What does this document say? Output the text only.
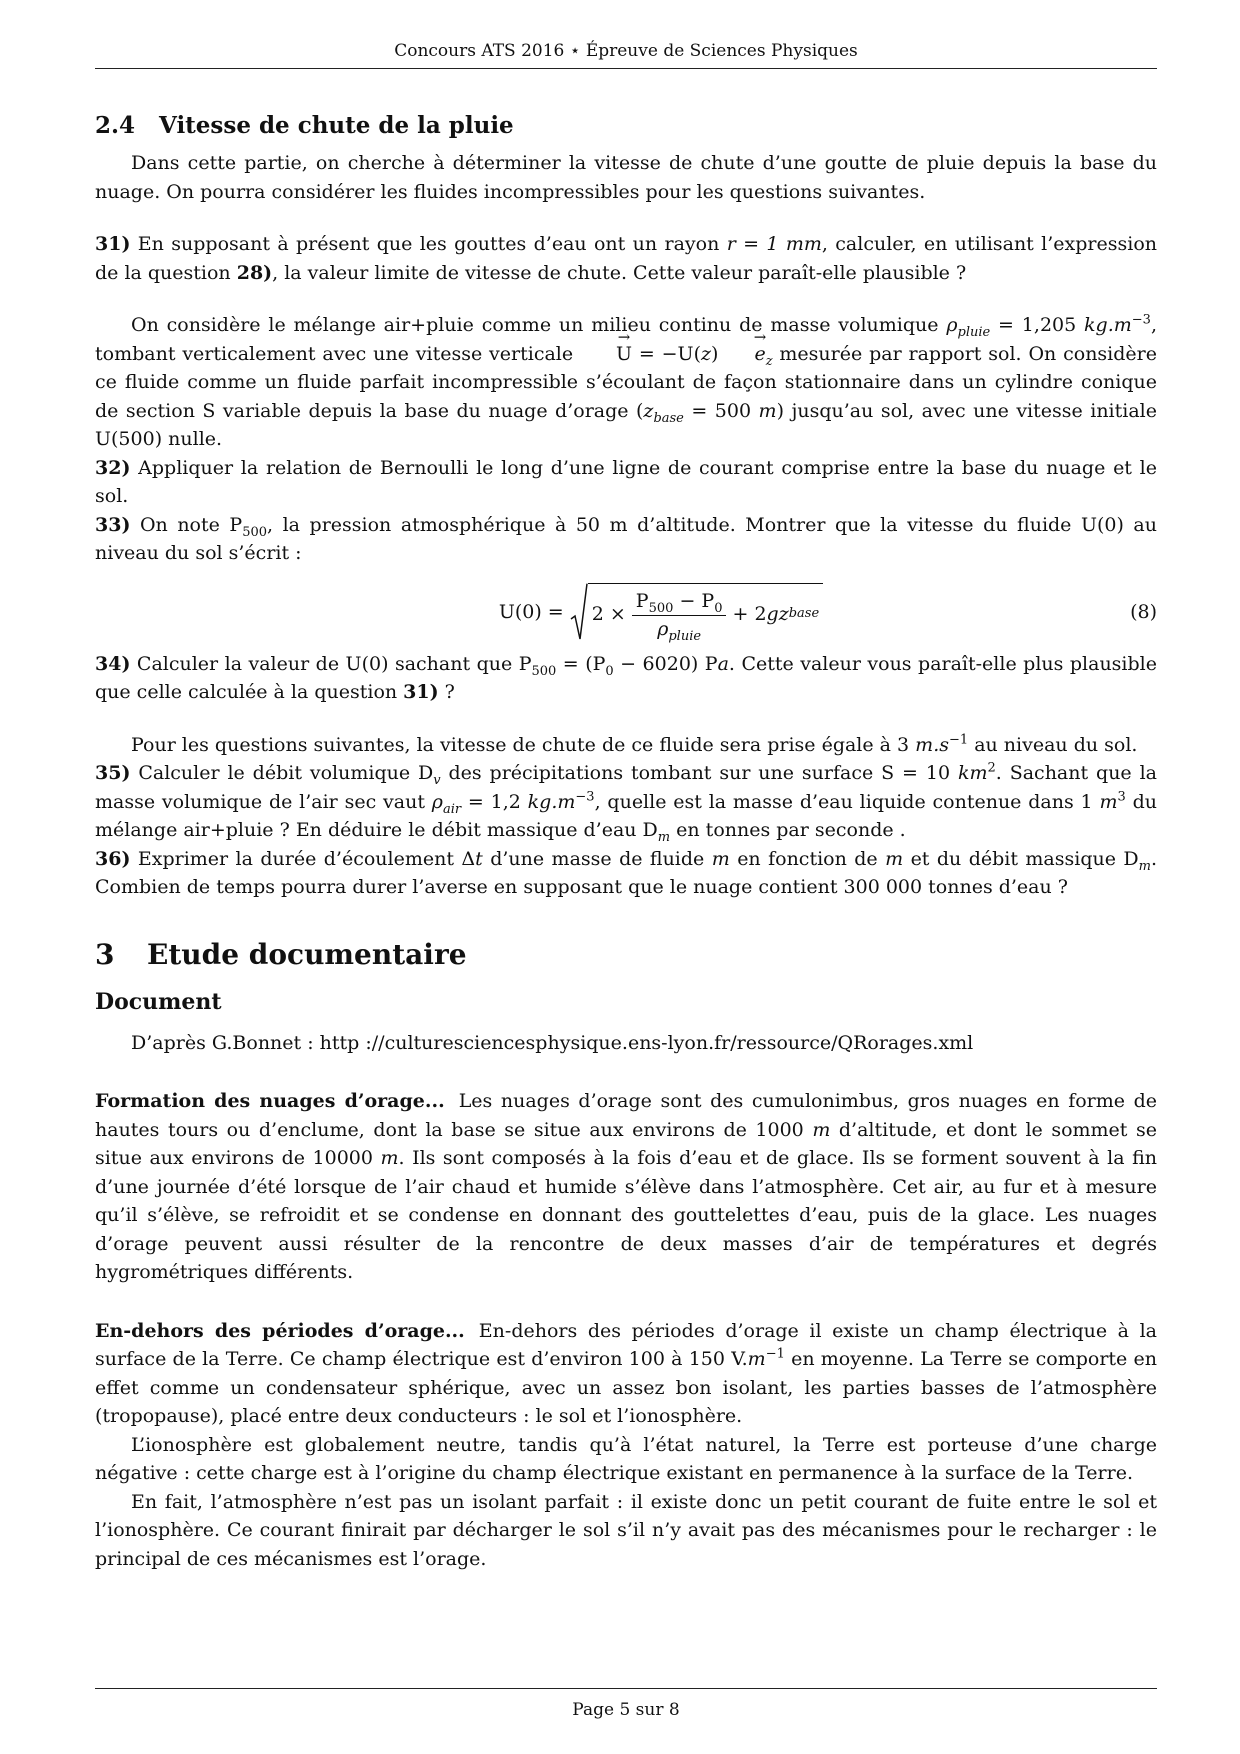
Concours ATS 2016 ⋆ Épreuve de Sciences Physiques
2.4 Vitesse de chute de la pluie

Dans cette partie, on cherche à déterminer la vitesse de chute d’une goutte de pluie depuis la base du nuage. On pourra considérer les fluides incompressibles pour les questions suivantes.

31) En supposant à présent que les gouttes d’eau ont un rayon r = 1 mm, calculer, en utilisant l’expression de la question 28), la valeur limite de vitesse de chute. Cette valeur paraît-elle plausible ?

On considère le mélange air+pluie comme un milieu continu de masse volumique $\rho_{pluie} = 1,205$ $kg.m^{-3}$, tombant verticalement avec une vitesse verticale → $U = -U(z)\to e_z$ mesurée par rapport sol. On considère ce fluide comme un fluide parfait incompressible s’écoulant de façon stationnaire dans un cylindre conique de section S variable depuis la base du nuage d’orage ($z_{base} = 500$ m) jusqu’au sol, avec une vitesse initiale U(500) nulle.

32) Appliquer la relation de Bernoulli le long d’une ligne de courant comprise entre la base du nuage et le sol.

33) On note $P_{500}$, la pression atmosphérique à 50 m d’altitude. Montrer que la vitesse du fluide U(0) au niveau du sol s’écrit :

$U(0) = 2 \times \frac{P_{500} - P_0}{\rho_{pluie}} + 2$ gz base	(8)

34) Calculer la valeur de U(0) sachant que $P_{500} = (P_0 - 6020)$ Pa. Cette valeur vous paraît-elle plus plausible que celle calculée à la question 31) ?

Pour les questions suivantes, la vitesse de chute de ce fluide sera prise égale à 3 $m.s^{-1}$ au niveau du sol.

35) Calculer le débit volumique $D_v$ des précipitations tombant sur une surface S = 10 $km^2$. Sachant que la masse volumique de l’air sec vaut $\rho_{air} = 1,2$ $kg.m^{-3}$, quelle est la masse d’eau liquide contenue dans 1 $m^3$ du mélange air+pluie ? En déduire le débit massique d’eau $D_m$ en tonnes par seconde .

36) Exprimer la durée d’écoulement Δt d’une masse de fluide m en fonction de m et du débit massique $D_m$. Combien de temps pourra durer l’averse en supposant que le nuage contient 300 000 tonnes d’eau ?

3 Etude documentaire
Document

D’après G.Bonnet : http ://culturesciencesphysique.ens-lyon.fr/ressource/QRorages.xml

Formation des nuages d’orage... Les nuages d’orage sont des cumulonimbus, gros nuages en forme de hautes tours ou d’enclume, dont la base se situe aux environs de 1000 m d’altitude, et dont le sommet se situe aux environs de 10000 m. Ils sont composés à la fois d’eau et de glace. Ils se forment souvent à la fin d’une journée d’été lorsque de l’air chaud et humide s’élève dans l’atmosphère. Cet air, au fur et à mesure qu’il s’élève, se refroidit et se condense en donnant des gouttelettes d’eau, puis de la glace. Les nuages d’orage peuvent aussi résulter de la rencontre de deux masses d’air de températures et degrés hygrométriques différents.

En-dehors des périodes d’orage... En-dehors des périodes d’orage il existe un champ électrique à la surface de la Terre. Ce champ électrique est d’environ 100 à 150 $V.m^{-1}$ en moyenne. La Terre se comporte en effet comme un condensateur sphérique, avec un assez bon isolant, les parties basses de l’atmosphère (tropopause), placé entre deux conducteurs : le sol et l’ionosphère.

L’ionosphère est globalement neutre, tandis qu’à l’état naturel, la Terre est porteuse d’une charge négative : cette charge est à l’origine du champ électrique existant en permanence à la surface de la Terre.

En fait, l’atmosphère n’est pas un isolant parfait : il existe donc un petit courant de fuite entre le sol et l’ionosphère. Ce courant finirait par décharger le sol s’il n’y avait pas des mécanismes pour le recharger : le principal de ces mécanismes est l’orage.

Page 5 sur 8
